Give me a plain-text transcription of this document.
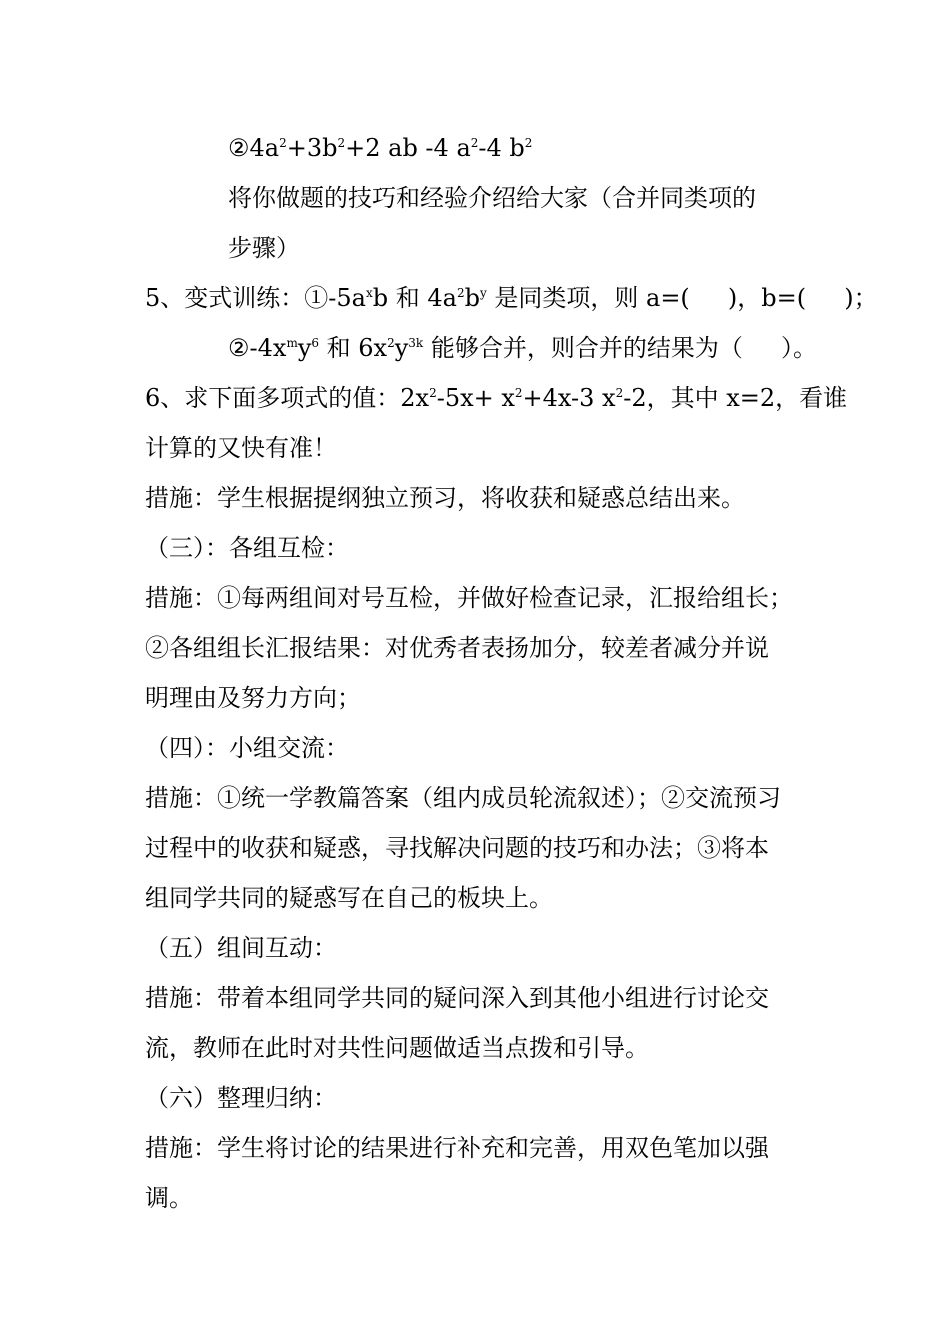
$②4a^2+3b^2+2$ ab -4 $a^2-4$ $b^2$
将你做题的技巧和经验介绍给大家（合并同类项的
步骤）
5、变式训练：$①-5a^xb$ 和 $4a^2b^y$ 是同类项，则 a=(     )，b=(     )；
$②-4x^my^6$ 和 $6x^2y^{3k}$ 能够合并，则合并的结果为（     ）。
6、求下面多项式的值：$2x^2-5x+ x^2+4x-3$ $x^2-2$，其中 x=2，看谁
计算的又快有准！
措施：学生根据提纲独立预习，将收获和疑惑总结出来。
（三）：各组互检：
措施：①每两组间对号互检，并做好检查记录，汇报给组长；
②各组组长汇报结果：对优秀者表扬加分，较差者减分并说
明理由及努力方向；
（四）：小组交流：
措施：①统一学教篇答案（组内成员轮流叙述）；②交流预习
过程中的收获和疑惑，寻找解决问题的技巧和办法；③将本
组同学共同的疑惑写在自己的板块上。
（五）组间互动：
措施：带着本组同学共同的疑问深入到其他小组进行讨论交
流，教师在此时对共性问题做适当点拨和引导。
（六）整理归纳：
措施：学生将讨论的结果进行补充和完善，用双色笔加以强
调。
